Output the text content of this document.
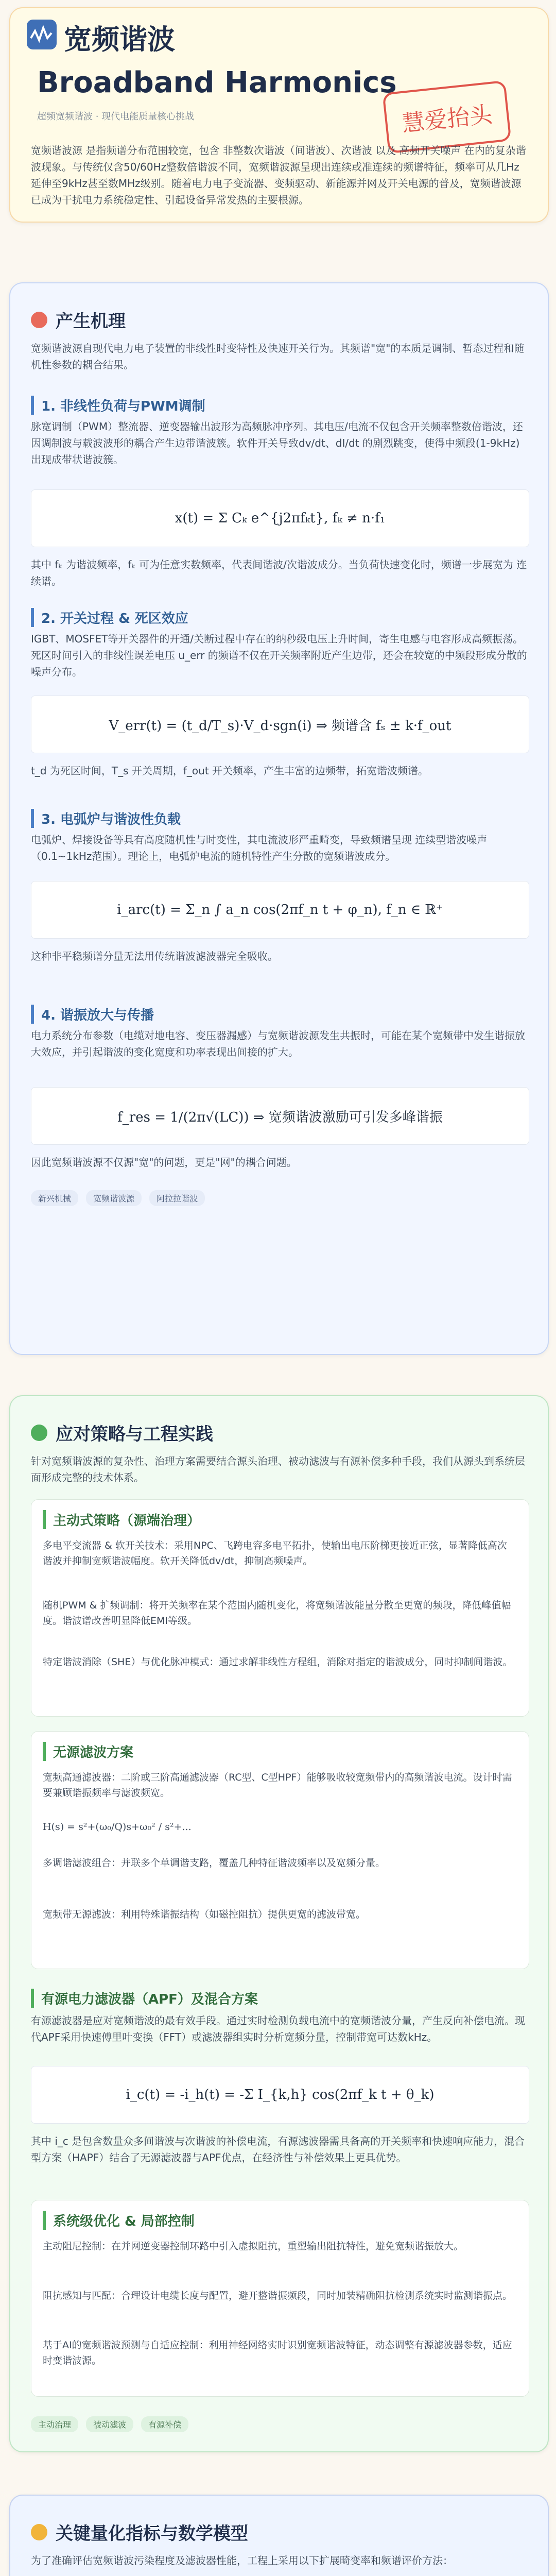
宽频谐波
Broadband Harmonics
超频宽频谐波 · 现代电能质量核心挑战	慧爱抬头
宽频谐波源 是指频谱分布范围较宽，包含 非整数次谐波（间谐波）、次谐波 以及 高频开关噪声 在内的复杂谐波现象。与传统仅含50/60Hz整数倍谐波不同，宽频谐波源呈现出连续或准连续的频谱特征，频率可从几Hz延伸至9kHz甚至数MHz级别。随着电力电子变流器、变频驱动、新能源并网及开关电源的普及，宽频谐波源已成为干扰电力系统稳定性、引起设备异常发热的主要根源。
产生机理
宽频谐波源自现代电力电子装置的非线性时变特性及快速开关行为。其频谱"宽"的本质是调制、暂态过程和随机性参数的耦合结果。
1. 非线性负荷与PWM调制
脉宽调制（PWM）整流器、逆变器输出波形为高频脉冲序列。其电压/电流不仅包含开关频率整数倍谐波，还因调制波与载波波形的耦合产生边带谐波簇。软件开关导致dv/dt、dI/dt 的剧烈跳变，使得中频段(1-9kHz)出现成带状谐波簇。
x(t) = Σ Cₖ e^{j2πfₖt}, fₖ ≠ n·f₁
其中 fₖ 为谐波频率，fₖ 可为任意实数频率，代表间谐波/次谐波成分。当负荷快速变化时，频谱一步展宽为 连续谱。
2. 开关过程 & 死区效应
IGBT、MOSFET等开关器件的开通/关断过程中存在的纳秒级电压上升时间，寄生电感与电容形成高频振荡。死区时间引入的非线性误差电压 u_err 的频谱不仅在开关频率附近产生边带，还会在较宽的中频段形成分散的噪声分布。
V_err(t) = (t_d/T_s)·V_d·sgn(i) ⇒ 频谱含 fₛ ± k·f_out
t_d 为死区时间，T_s 开关周期，f_out 开关频率，产生丰富的边频带，拓宽谐波频谱。
3. 电弧炉与谐波性负载
电弧炉、焊接设备等具有高度随机性与时变性，其电流波形严重畸变，导致频谱呈现 连续型谐波噪声（0.1~1kHz范围）。理论上，电弧炉电流的随机特性产生分散的宽频谐波成分。
i_arc(t) = Σ_n ∫ a_n cos(2πf_n t + φ_n), f_n ∈ ℝ⁺
这种非平稳频谱分量无法用传统谐波滤波器完全吸收。
4. 谐振放大与传播
电力系统分布参数（电缆对地电容、变压器漏感）与宽频谐波源发生共振时，可能在某个宽频带中发生谐振放大效应，并引起谐波的变化宽度和功率表现出间接的扩大。
f_res = 1/(2π√(LC)) ⇒ 宽频谐波激励可引发多峰谐振
因此宽频谐波源不仅源"宽"的问题，更是"网"的耦合问题。
新兴机械	宽频谐波源	阿拉拉谐波
应对策略与工程实践
针对宽频谐波源的复杂性、治理方案需要结合源头治理、被动滤波与有源补偿多种手段，我们从源头到系统层面形成完整的技术体系。
主动式策略（源端治理）
多电平变流器 & 软开关技术：采用NPC、飞跨电容多电平拓扑，使输出电压阶梯更接近正弦，显著降低高次谐波并抑制宽频谐波幅度。软开关降低dv/dt，抑制高频噪声。
随机PWM & 扩频调制：将开关频率在某个范围内随机变化，将宽频谐波能量分散至更宽的频段，降低峰值幅度。谐波谱改善明显降低EMI等级。
特定谐波消除（SHE）与优化脉冲模式：通过求解非线性方程组，消除对指定的谐波成分，同时抑制间谐波。
无源滤波方案
宽频高通滤波器：二阶或三阶高通滤波器（RC型、C型HPF）能够吸收较宽频带内的高频谐波电流。设计时需要兼顾谐振频率与滤波频宽。
H(s) = s²+(ω₀/Q)s+ω₀² / s²+...
多调谐滤波组合：并联多个单调谐支路，覆盖几种特征谐波频率以及宽频分量。
宽频带无源滤波：利用特殊谐振结构（如磁控阻抗）提供更宽的滤波带宽。
有源电力滤波器（APF）及混合方案
有源滤波器是应对宽频谐波的最有效手段。通过实时检测负载电流中的宽频谐波分量，产生反向补偿电流。现代APF采用快速傅里叶变换（FFT）或滤波器组实时分析宽频分量，控制带宽可达数kHz。
i_c(t) = -i_h(t) = -Σ I_{k,h} cos(2πf_k t + θ_k)
其中 i_c 是包含数量众多间谐波与次谐波的补偿电流，有源滤波器需具备高的开关频率和快速响应能力，混合型方案（HAPF）结合了无源滤波器与APF优点，在经济性与补偿效果上更具优势。
系统级优化 & 局部控制
主动阻尼控制：在并网逆变器控制环路中引入虚拟阻抗，重塑输出阻抗特性，避免宽频谐振放大。
阻抗感知与匹配：合理设计电缆长度与配置，避开整谐振频段，同时加装精确阻抗检测系统实时监测谐振点。
基于AI的宽频谐波预测与自适应控制：利用神经网络实时识别宽频谐波特征，动态调整有源滤波器参数，适应时变谐波源。
主动治理	被动滤波	有源补偿
关键量化指标与数学模型
为了准确评估宽频谐波污染程度及滤波器性能，工程上采用以下扩展畸变率和频谱评价方法：
